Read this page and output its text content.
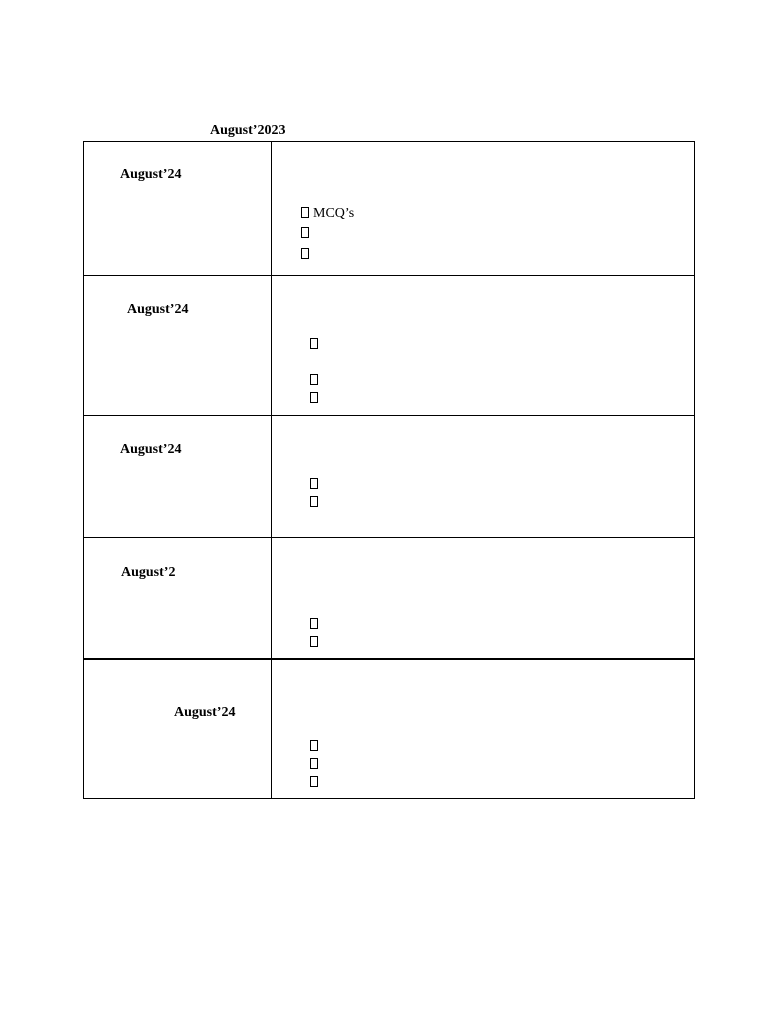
August’2023
August’24
MCQ’s
August’24
August’24
August’2
August’24
